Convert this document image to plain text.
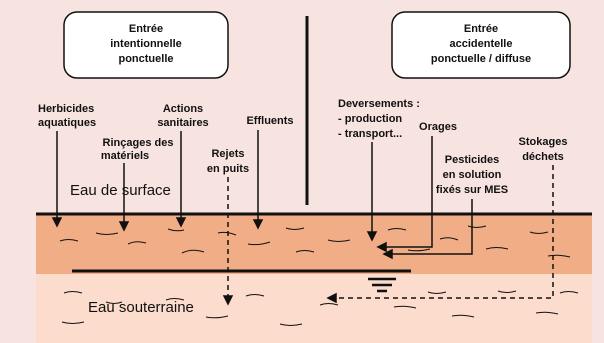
Entrée
intentionnelle
ponctuelle
Entrée
accidentelle
ponctuelle / diffuse
Herbicides
aquatiques
Rinçages des
matériels
Actions
sanitaires
Rejets
en puits
Effluents
Deversements :
- production
- transport...
Orages
Pesticides
en solution
fixés sur MES
Stokages
déchets
Eau de surface
Eau souterraine
